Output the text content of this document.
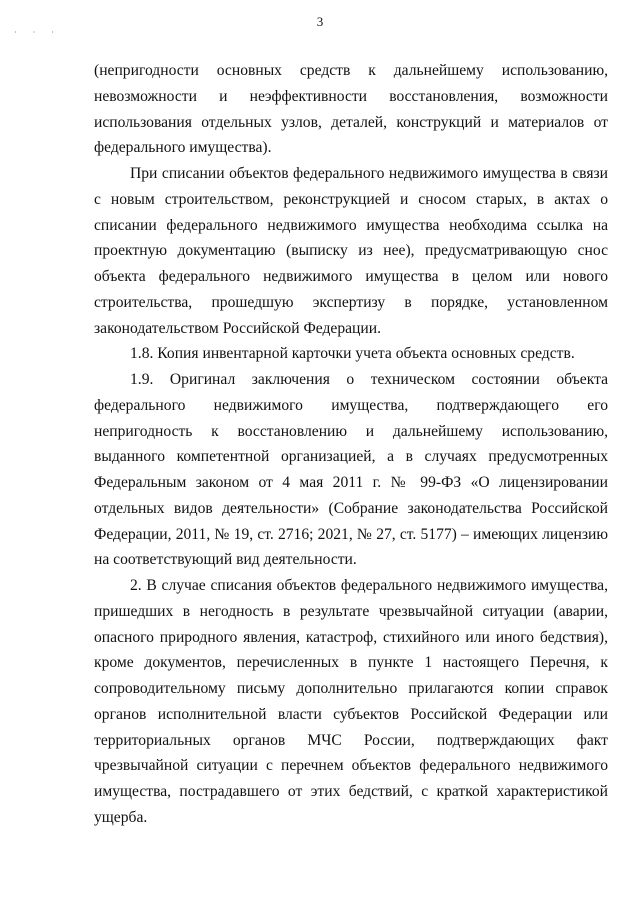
3
· · ·

(непригодности основных средств к дальнейшему использованию, невозможности и неэффективности восстановления, возможности использования отдельных узлов, деталей, конструкций и материалов от федерального имущества).

При списании объектов федерального недвижимого имущества в связи с новым строительством, реконструкцией и сносом старых, в актах о списании федерального недвижимого имущества необходима ссылка на проектную документацию (выписку из нее), предусматривающую снос объекта федерального недвижимого имущества в целом или нового строительства, прошедшую экспертизу в порядке, установленном законодательством Российской Федерации.

1.8. Копия инвентарной карточки учета объекта основных средств.

1.9. Оригинал заключения о техническом состоянии объекта федерального недвижимого имущества, подтверждающего его непригодность к восстановлению и дальнейшему использованию, выданного компетентной организацией, а в случаях предусмотренных Федеральным законом от 4 мая 2011 г. № 99-ФЗ «О лицензировании отдельных видов деятельности» (Собрание законодательства Российской Федерации, 2011, № 19, ст. 2716; 2021, № 27, ст. 5177) – имеющих лицензию на соответствующий вид деятельности.

2. В случае списания объектов федерального недвижимого имущества, пришедших в негодность в результате чрезвычайной ситуации (аварии, опасного природного явления, катастроф, стихийного или иного бедствия), кроме документов, перечисленных в пункте 1 настоящего Перечня, к сопроводительному письму дополнительно прилагаются копии справок органов исполнительной власти субъектов Российской Федерации или территориальных органов МЧС России, подтверждающих факт чрезвычайной ситуации с перечнем объектов федерального недвижимого имущества, пострадавшего от этих бедствий, с краткой характеристикой ущерба.
